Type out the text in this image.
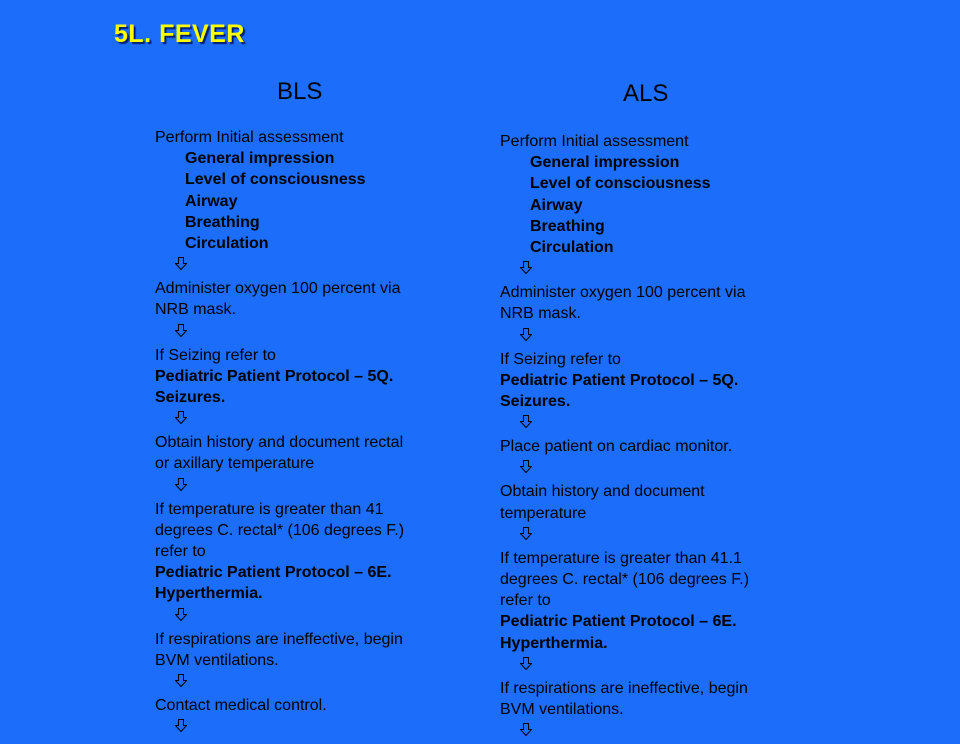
5L. FEVER
BLS	ALS
Perform Initial assessment
General impression
Level of consciousness
Airway
Breathing
Circulation
Administer oxygen 100 percent via
NRB mask.
If Seizing refer to
Pediatric Patient Protocol – 5Q.
Seizures.
Obtain history and document rectal
or axillary temperature
If temperature is greater than 41
degrees C. rectal* (106 degrees F.)
refer to
Pediatric Patient Protocol – 6E.
Hyperthermia.
If respirations are ineffective, begin
BVM ventilations.
Contact medical control.
Perform Initial assessment
General impression
Level of consciousness
Airway
Breathing
Circulation
Administer oxygen 100 percent via
NRB mask.
If Seizing refer to
Pediatric Patient Protocol – 5Q.
Seizures.
Place patient on cardiac monitor.
Obtain history and document
temperature
If temperature is greater than 41.1
degrees C. rectal* (106 degrees F.)
refer to
Pediatric Patient Protocol – 6E.
Hyperthermia.
If respirations are ineffective, begin
BVM ventilations.
